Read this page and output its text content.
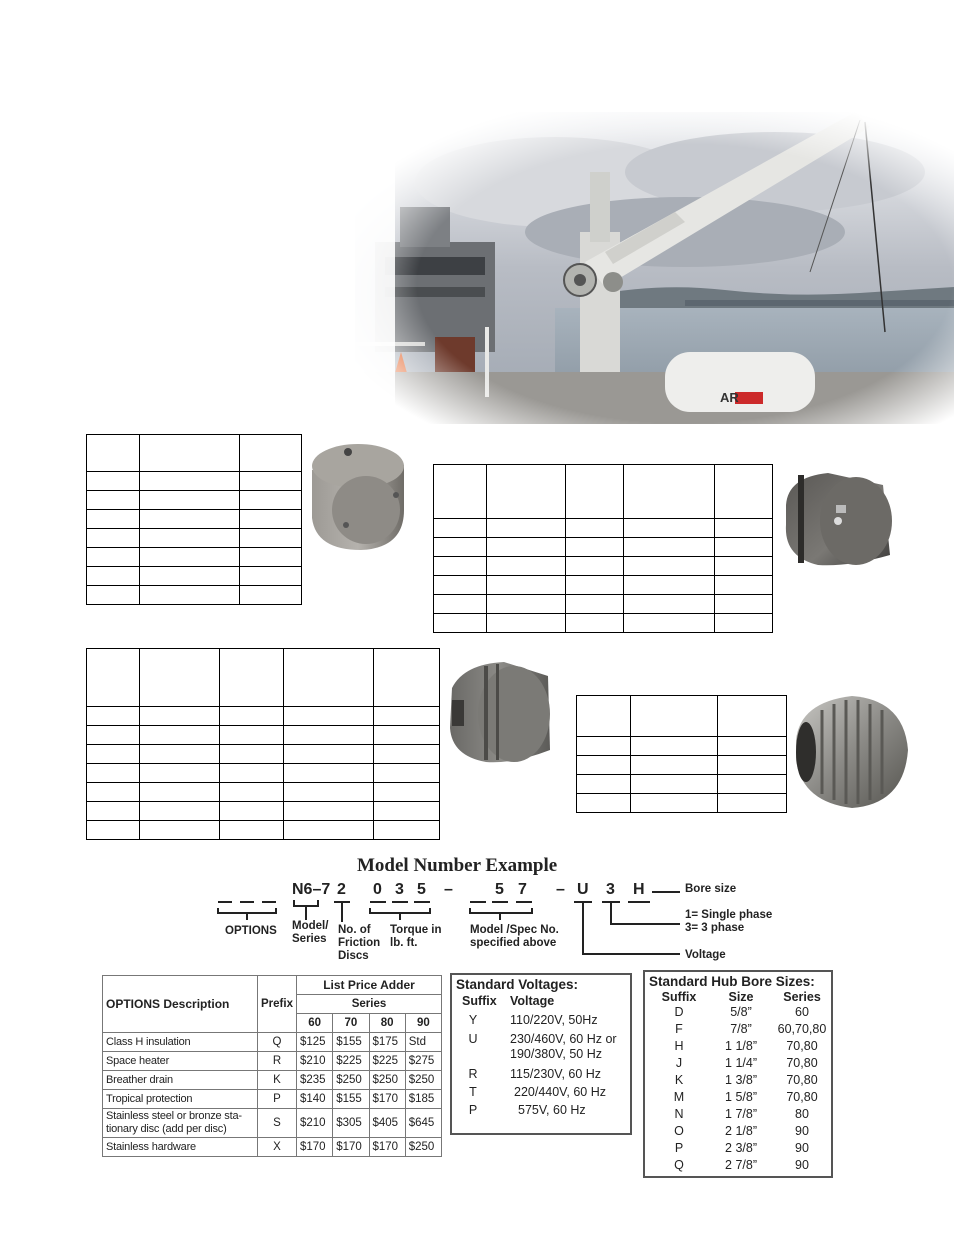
Model Number Example
N6–7 2 0 3 5 –	5 7 – U 3 H	Bore size
1= Single phase
3= 3 phase
Voltage
OPTIONS Model/
Series
No. of
Friction
Discs
Torque in
lb. ft.
Model /Spec No.
specified above
OPTIONS Description	Prefix	List Price Adder			
		Series			
		60	70	80	90
Class H insulation	Q	$125	$155	$175	Std
Space heater	R	$210	$225	$225	$275
Breather drain	K	$235	$250	$250	$250
Tropical protection	P	$140	$155	$170	$185
Stainless steel or bronze sta-
tionary disc (add per disc)	S	$210	$305	$405	$645
Stainless hardware	X	$170	$170	$170	$250
Standard Voltages:
Suffix	Voltage
Y	110/220V, 50Hz
U	230/460V, 60 Hz or
190/380V, 50 Hz
R	115/230V, 60 Hz
T	220/440V, 60 Hz
P	575V, 60 Hz
Standard Hub Bore Sizes:
Suffix	Size	Series
D	5/8”	60
F	7/8”	60,70,80
H	1 1/8”	70,80
J	1 1/4”	70,80
K	1 3/8”	70,80
M	1 5/8”	70,80
N	1 7/8”	80
O	2 1/8”	90
P	2 3/8”	90
Q	2 7/8”	90
